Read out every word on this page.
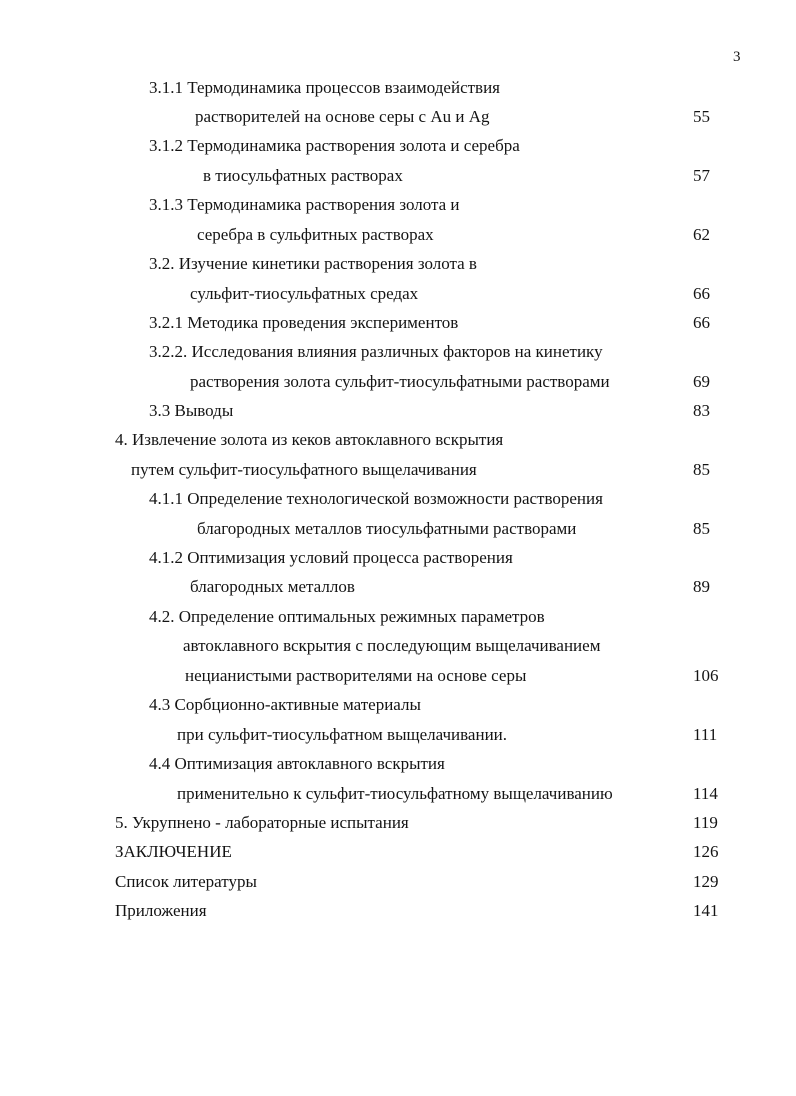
3
3.1.1 Термодинамика процессов взаимодействия
растворителей на основе серы с Au и Ag	55
3.1.2 Термодинамика растворения золота и серебра
в тиосульфатных растворах	57
3.1.3 Термодинамика растворения золота и
серебра в сульфитных растворах	62
3.2. Изучение кинетики растворения золота в
сульфит-тиосульфатных средах	66
3.2.1 Методика проведения экспериментов	66
3.2.2. Исследования влияния различных факторов на кинетику
растворения золота сульфит-тиосульфатными растворами	69
3.3 Выводы	83
4. Извлечение золота из кеков автоклавного вскрытия
путем сульфит-тиосульфатного выщелачивания	85
4.1.1 Определение технологической возможности растворения
благородных металлов тиосульфатными растворами	85
4.1.2 Оптимизация условий процесса растворения
благородных металлов	89
4.2. Определение оптимальных режимных параметров
автоклавного вскрытия с последующим выщелачиванием
нецианистыми растворителями на основе серы	106
4.3 Сорбционно-активные материалы
при сульфит-тиосульфатном выщелачивании.	111
4.4 Оптимизация автоклавного вскрытия
применительно к сульфит-тиосульфатному выщелачиванию	114
5. Укрупнено - лабораторные испытания	119
ЗАКЛЮЧЕНИЕ	126
Список литературы	129
Приложения	141
